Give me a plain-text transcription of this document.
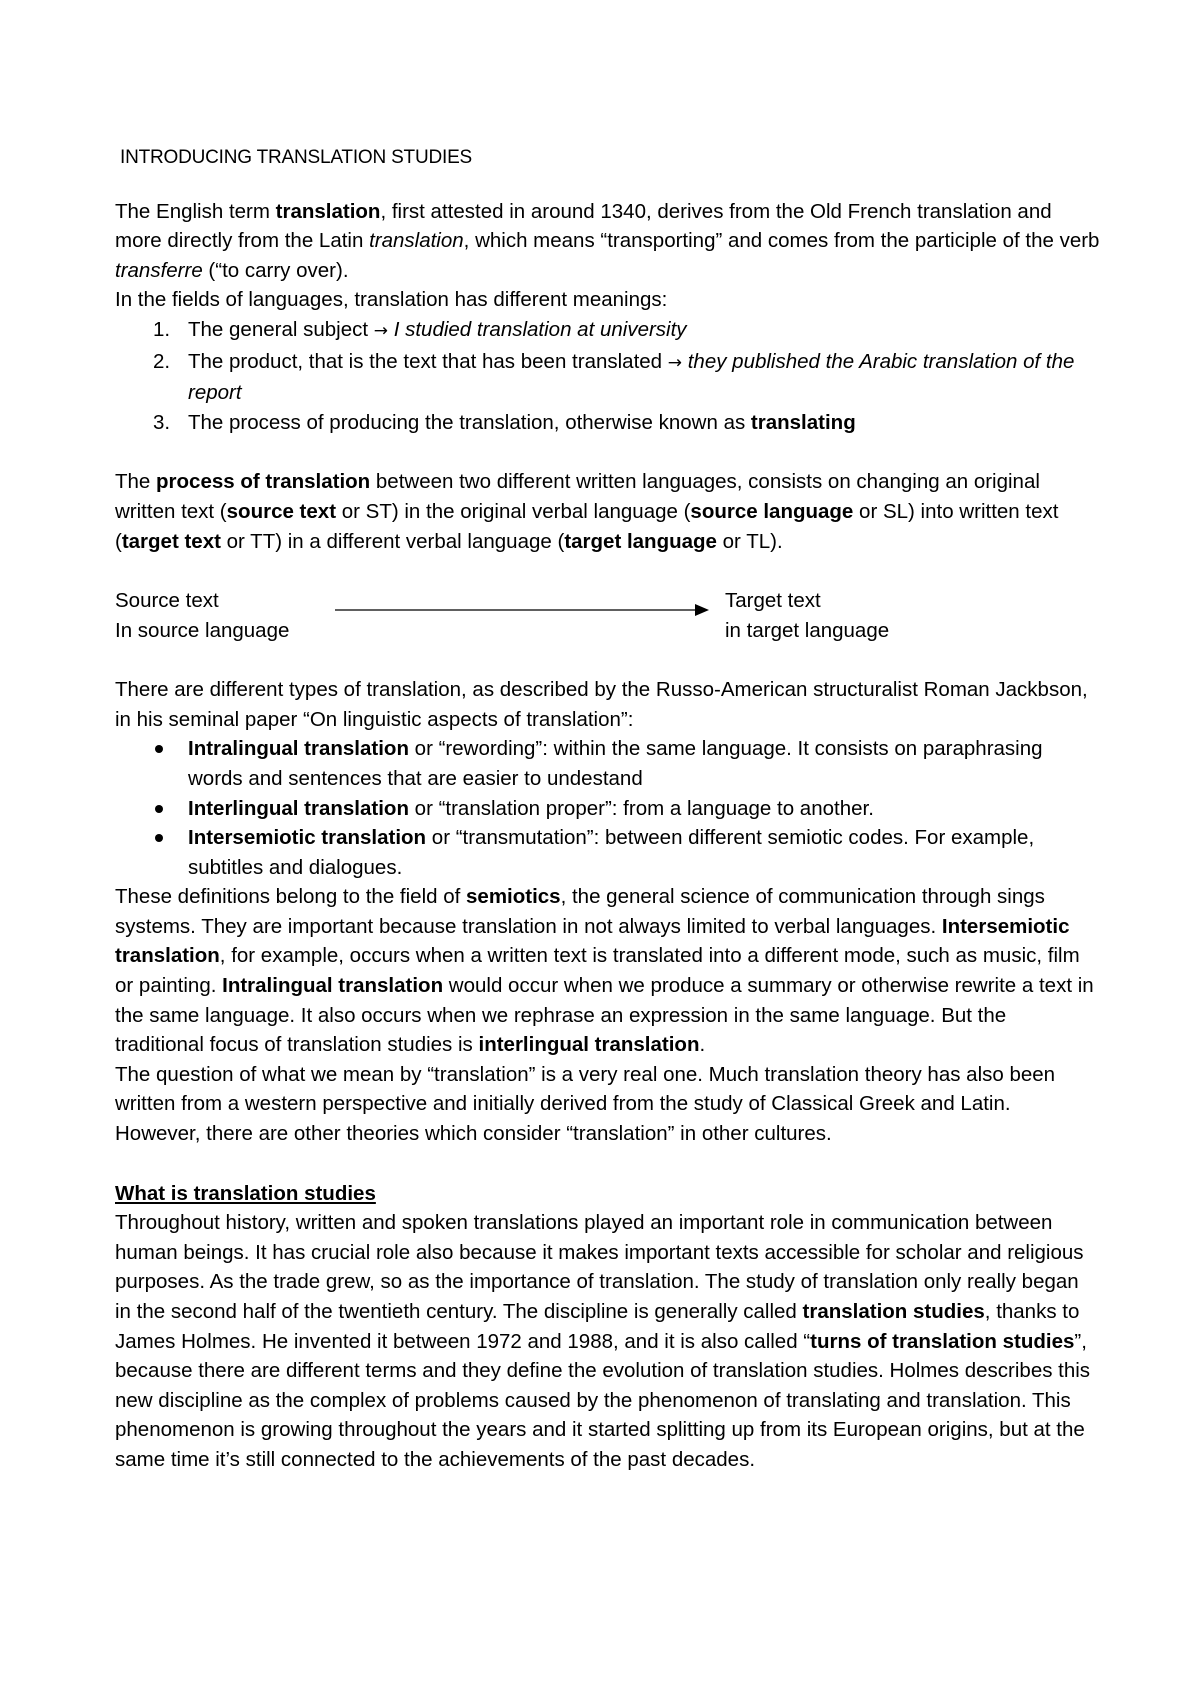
INTRODUCING TRANSLATION STUDIES

The English term translation, first attested in around 1340, derives from the Old French translation and more directly from the Latin translation, which means “transporting” and comes from the participle of the verb transferre (“to carry over).

In the fields of languages, translation has different meanings:

1. The general subject → I studied translation at university
2. The product, that is the text that has been translated → they published the Arabic translation of the report
3. The process of producing the translation, otherwise known as translating

The process of translation between two different written languages, consists on changing an original written text (source text or ST) in the original verbal language (source language or SL) into written text (target text or TT) in a different verbal language (target language or TL).

Source text
In source language
Target text
in target language

There are different types of translation, as described by the Russo-American structuralist Roman Jackbson, in his seminal paper “On linguistic aspects of translation”:

Intralingual translation or “rewording”: within the same language. It consists on paraphrasing words and sentences that are easier to undestand
Interlingual translation or “translation proper”: from a language to another.
Intersemiotic translation or “transmutation”: between different semiotic codes. For example, subtitles and dialogues.

These definitions belong to the field of semiotics, the general science of communication through sings systems. They are important because translation in not always limited to verbal languages. Intersemiotic translation, for example, occurs when a written text is translated into a different mode, such as music, film or painting. Intralingual translation would occur when we produce a summary or otherwise rewrite a text in the same language. It also occurs when we rephrase an expression in the same language. But the traditional focus of translation studies is interlingual translation.

The question of what we mean by “translation” is a very real one. Much translation theory has also been written from a western perspective and initially derived from the study of Classical Greek and Latin. However, there are other theories which consider “translation” in other cultures.

What is translation studies

Throughout history, written and spoken translations played an important role in communication between human beings. It has crucial role also because it makes important texts accessible for scholar and religious purposes. As the trade grew, so as the importance of translation. The study of translation only really began in the second half of the twentieth century. The discipline is generally called translation studies, thanks to James Holmes. He invented it between 1972 and 1988, and it is also called “turns of translation studies”, because there are different terms and they define the evolution of translation studies. Holmes describes this new discipline as the complex of problems caused by the phenomenon of translating and translation. This phenomenon is growing throughout the years and it started splitting up from its European origins, but at the same time it’s still connected to the achievements of the past decades.
